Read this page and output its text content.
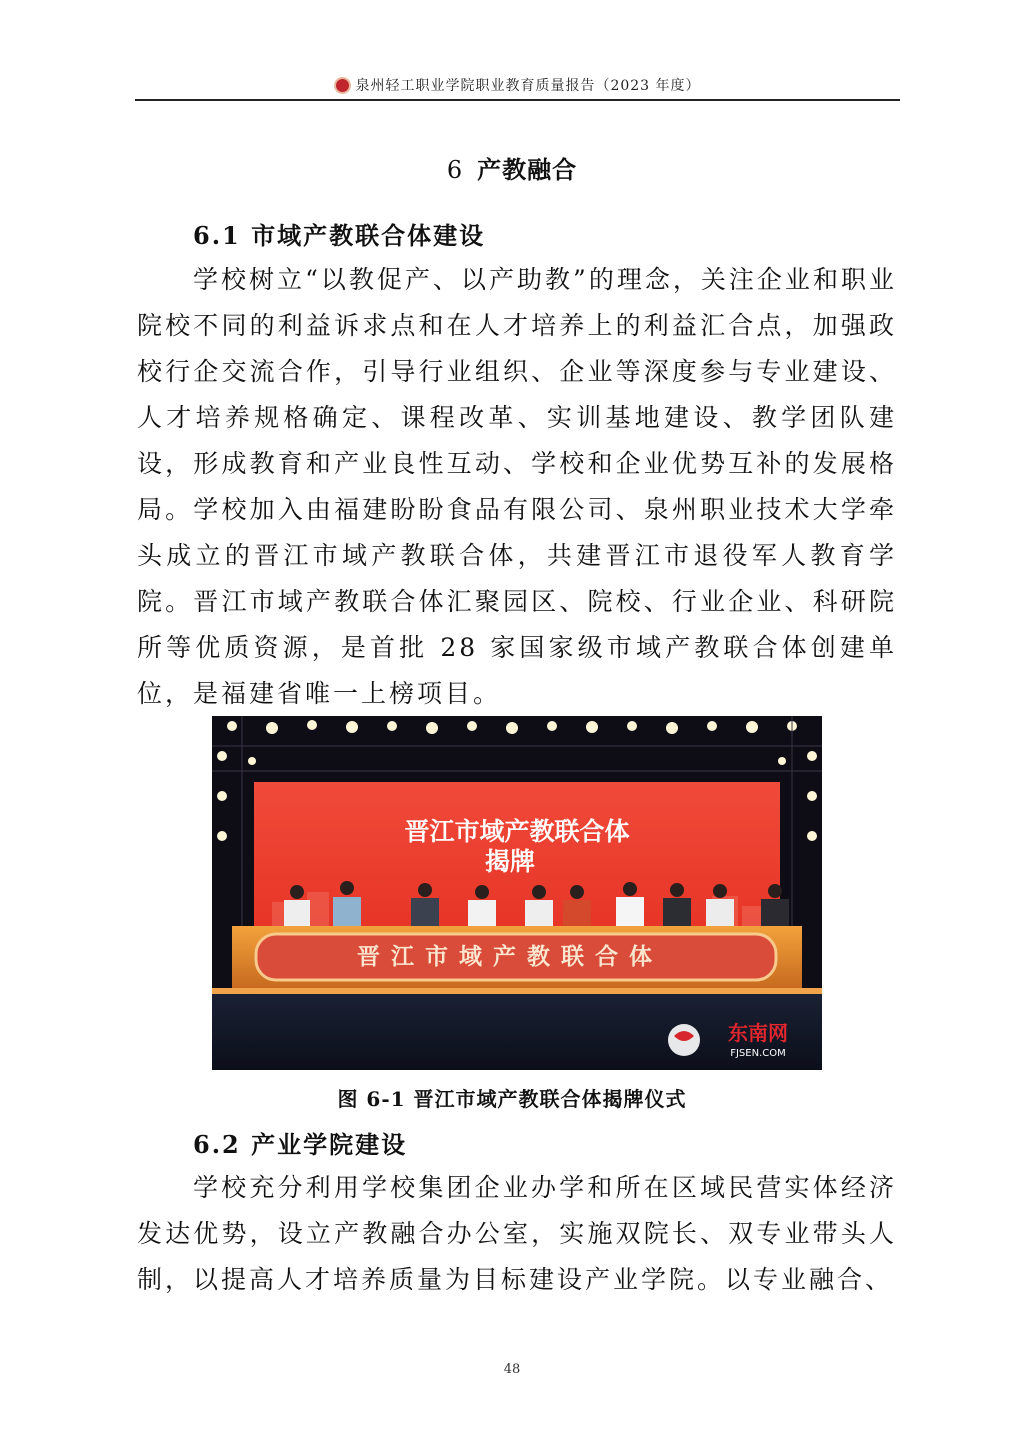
泉州轻工职业学院职业教育质量报告（2023 年度）
6 产教融合
6.1 市域产教联合体建设
学校树立“以教促产、以产助教”的理念，关注企业和职业院校不同的利益诉求点和在人才培养上的利益汇合点，加强政校行企交流合作，引导行业组织、企业等深度参与专业建设、人才培养规格确定、课程改革、实训基地建设、教学团队建设，形成教育和产业良性互动、学校和企业优势互补的发展格局。学校加入由福建盼盼食品有限公司、泉州职业技术大学牵头成立的晋江市域产教联合体，共建晋江市退役军人教育学院。晋江市域产教联合体汇聚园区、院校、行业企业、科研院所等优质资源，是首批 28 家国家级市域产教联合体创建单位，是福建省唯一上榜项目。
晋江市域产教联合体
揭牌
晋江市域产教联合体
东南网
FJSEN.COM
图 6-1 晋江市域产教联合体揭牌仪式
6.2 产业学院建设
学校充分利用学校集团企业办学和所在区域民营实体经济发达优势，设立产教融合办公室，实施双院长、双专业带头人制，以提高人才培养质量为目标建设产业学院。以专业融合、
48
